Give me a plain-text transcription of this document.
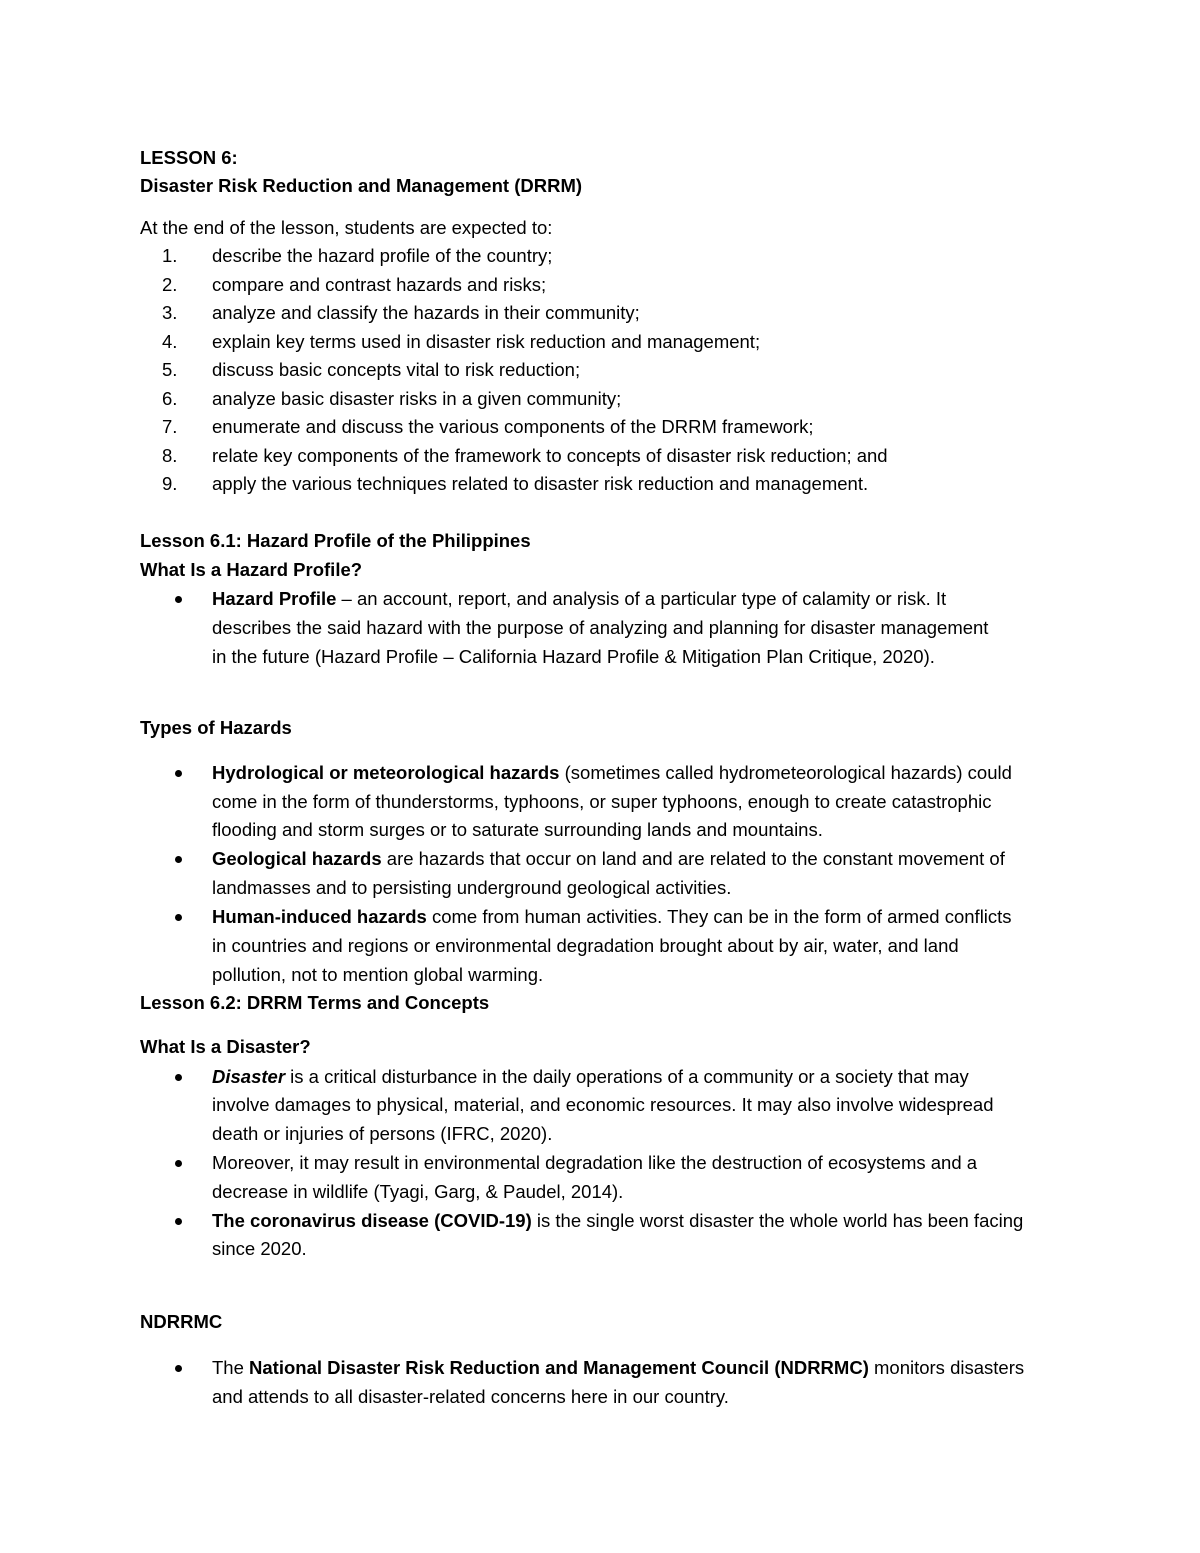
LESSON 6:
Disaster Risk Reduction and Management (DRRM)
At the end of the lesson, students are expected to:
1. describe the hazard profile of the country;
2. compare and contrast hazards and risks;
3. analyze and classify the hazards in their community;
4. explain key terms used in disaster risk reduction and management;
5. discuss basic concepts vital to risk reduction;
6. analyze basic disaster risks in a given community;
7. enumerate and discuss the various components of the DRRM framework;
8. relate key components of the framework to concepts of disaster risk reduction; and
9. apply the various techniques related to disaster risk reduction and management.
Lesson 6.1: Hazard Profile of the Philippines
What Is a Hazard Profile?
Hazard Profile – an account, report, and analysis of a particular type of calamity or risk. It
describes the said hazard with the purpose of analyzing and planning for disaster management
in the future (Hazard Profile – California Hazard Profile & Mitigation Plan Critique, 2020).
Types of Hazards
Hydrological or meteorological hazards (sometimes called hydrometeorological hazards) could
come in the form of thunderstorms, typhoons, or super typhoons, enough to create catastrophic
flooding and storm surges or to saturate surrounding lands and mountains.
Geological hazards are hazards that occur on land and are related to the constant movement of
landmasses and to persisting underground geological activities.
Human-induced hazards come from human activities. They can be in the form of armed conflicts
in countries and regions or environmental degradation brought about by air, water, and land
pollution, not to mention global warming.
Lesson 6.2: DRRM Terms and Concepts
What Is a Disaster?
Disaster is a critical disturbance in the daily operations of a community or a society that may
involve damages to physical, material, and economic resources. It may also involve widespread
death or injuries of persons (IFRC, 2020).
Moreover, it may result in environmental degradation like the destruction of ecosystems and a
decrease in wildlife (Tyagi, Garg, & Paudel, 2014).
The coronavirus disease (COVID-19) is the single worst disaster the whole world has been facing
since 2020.
NDRRMC
The National Disaster Risk Reduction and Management Council (NDRRMC) monitors disasters
and attends to all disaster-related concerns here in our country.
